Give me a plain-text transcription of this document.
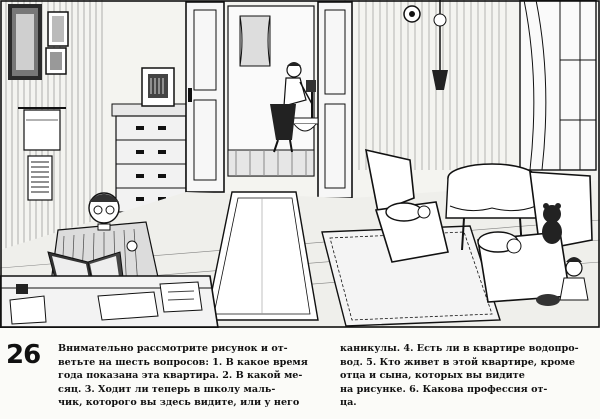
26 Внимательно рассмотрите рисунок и от-
ветьте на шесть вопросов: 1. В какое время
года показана эта квартира. 2. В какой ме-
сяц. 3. Ходит ли теперь в школу маль-
чик, которого вы здесь видите, или у него
каникулы. 4. Есть ли в квартире водопро-
вод. 5. Кто живет в этой квартире, кроме
отца и сына, которых вы видите
на рисунке. 6. Какова профессия от-
ца.
